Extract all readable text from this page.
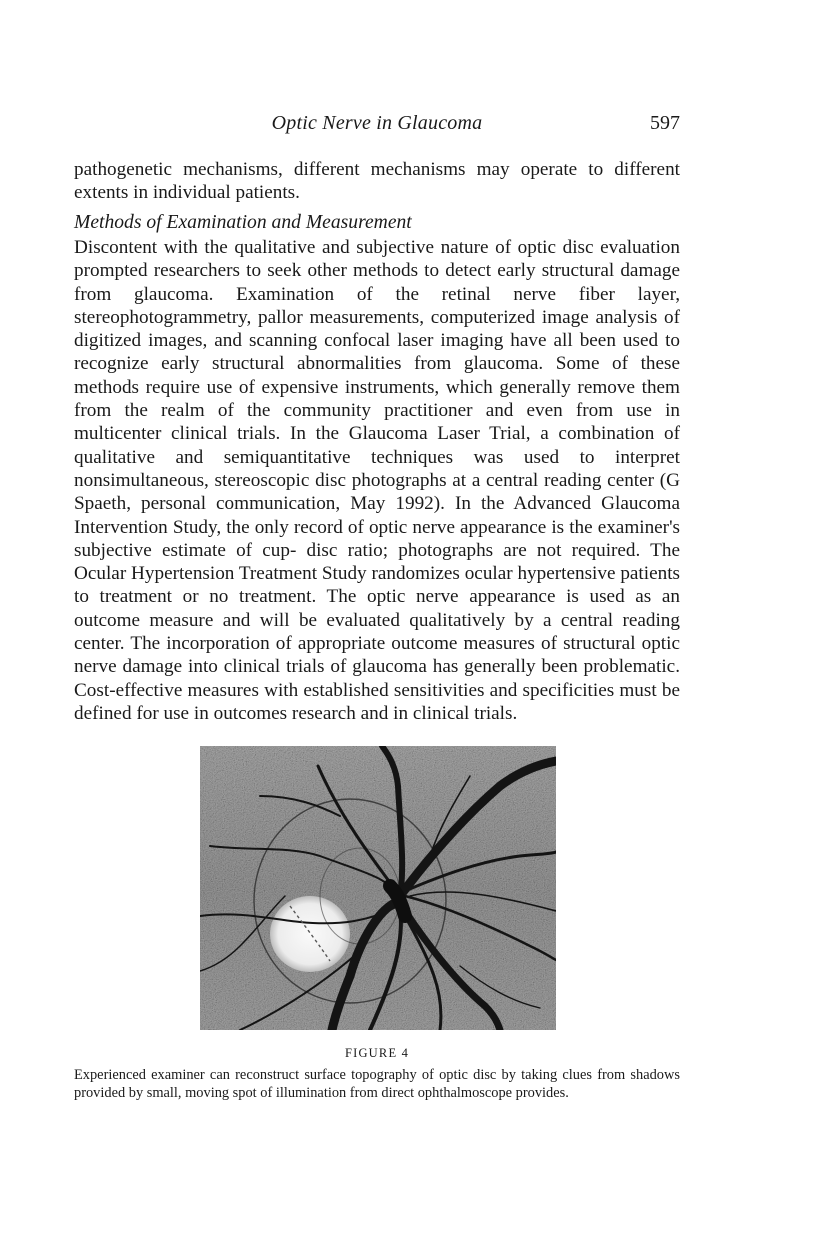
Optic Nerve in Glaucoma	597

pathogenetic mechanisms, different mechanisms may operate to different extents in individual patients.

Methods of Examination and Measurement

Discontent with the qualitative and subjective nature of optic disc evaluation prompted researchers to seek other methods to detect early structural damage from glaucoma. Examination of the retinal nerve fiber layer, stereophotogrammetry, pallor measurements, computerized image analysis of digitized images, and scanning confocal laser imaging have all been used to recognize early structural abnormalities from glaucoma. Some of these methods require use of expensive instruments, which generally remove them from the realm of the community practitioner and even from use in multicenter clinical trials. In the Glaucoma Laser Trial, a combination of qualitative and semiquantitative techniques was used to interpret nonsimultaneous, stereoscopic disc photographs at a central reading center (G Spaeth, personal communication, May 1992). In the Advanced Glaucoma Intervention Study, the only record of optic nerve appearance is the examiner's subjective estimate of cup- disc ratio; photographs are not required. The Ocular Hypertension Treatment Study randomizes ocular hypertensive patients to treatment or no treatment. The optic nerve appearance is used as an outcome measure and will be evaluated qualitatively by a central reading center. The incorporation of appropriate outcome measures of structural optic nerve damage into clinical trials of glaucoma has generally been problematic. Cost-effective measures with established sensitivities and specificities must be defined for use in outcomes research and in clinical trials.

FIGURE 4
Experienced examiner can reconstruct surface topography of optic disc by taking clues from shadows provided by small, moving spot of illumination from direct ophthalmoscope provides.
